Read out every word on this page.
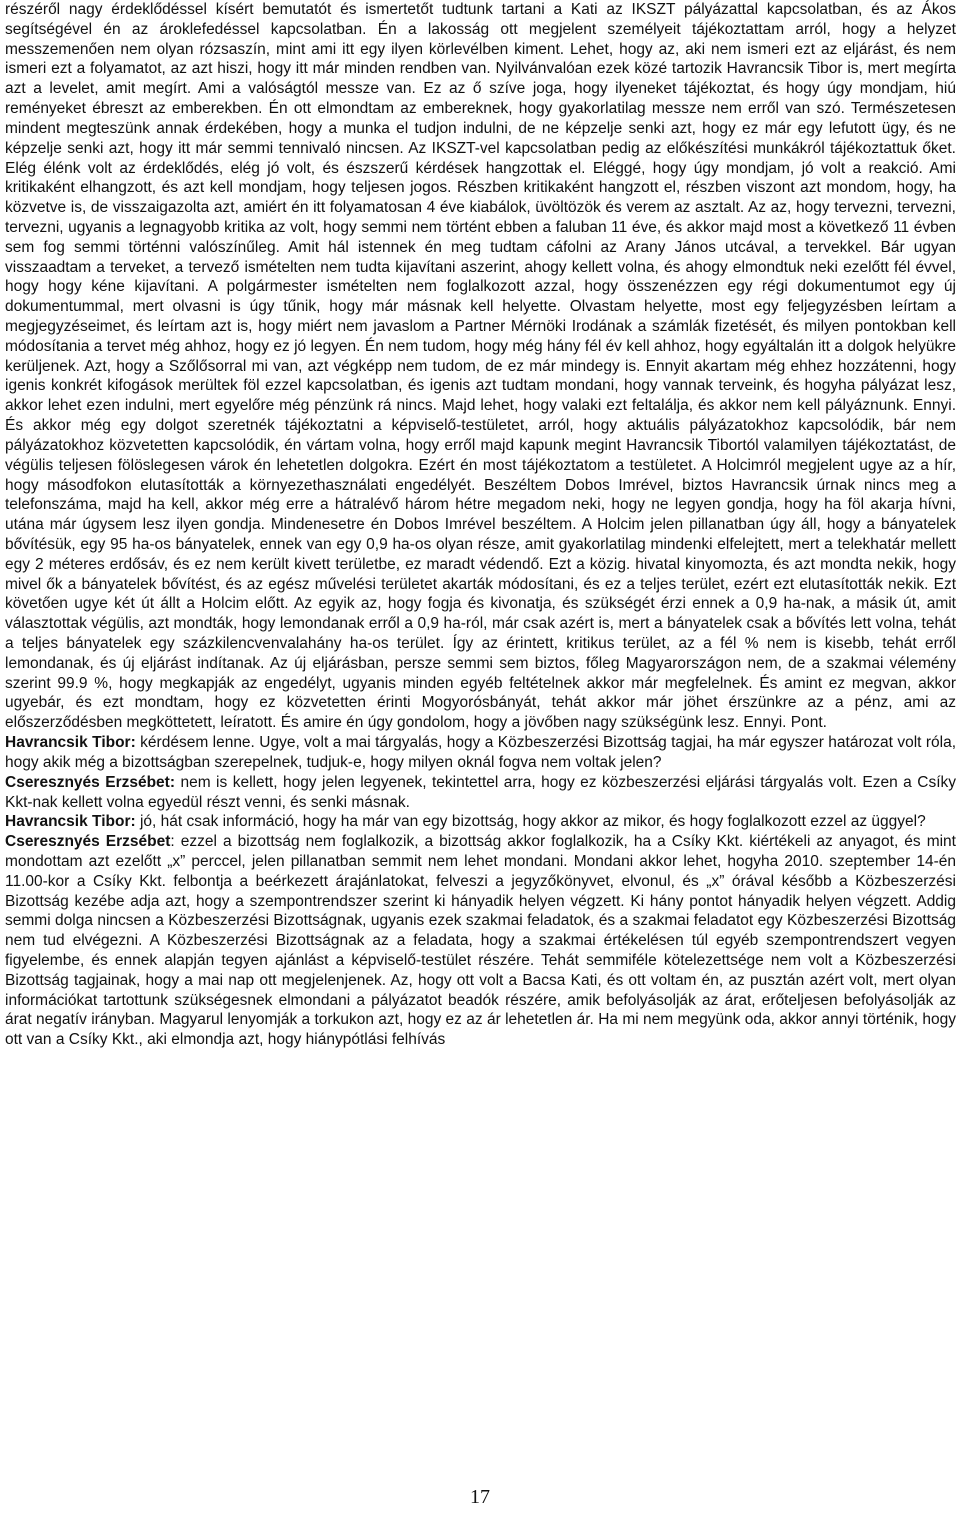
részéről nagy érdeklődéssel kísért bemutatót és ismertetőt tudtunk tartani a Kati az IKSZT pályázattal kapcsolatban, és az Ákos segítségével én az ároklefedéssel kapcsolatban. Én a lakosság ott megjelent személyeit tájékoztattam arról, hogy a helyzet messzemenően nem olyan rózsaszín, mint ami itt egy ilyen körlevélben kiment. Lehet, hogy az, aki nem ismeri ezt az eljárást, és nem ismeri ezt a folyamatot, az azt hiszi, hogy itt már minden rendben van. Nyilvánvalóan ezek közé tartozik Havrancsik Tibor is, mert megírta azt a levelet, amit megírt. Ami a valóságtól messze van. Ez az ő szíve joga, hogy ilyeneket tájékoztat, és hogy úgy mondjam, hiú reményeket ébreszt az emberekben. Én ott elmondtam az embereknek, hogy gyakorlatilag messze nem erről van szó. Természetesen mindent megteszünk annak érdekében, hogy a munka el tudjon indulni, de ne képzelje senki azt, hogy ez már egy lefutott ügy, és ne képzelje senki azt, hogy itt már semmi tennivaló nincsen. Az IKSZT-vel kapcsolatban pedig az előkészítési munkákról tájékoztattuk őket. Elég élénk volt az érdeklődés, elég jó volt, és észszerű kérdések hangzottak el. Eléggé, hogy úgy mondjam, jó volt a reakció. Ami kritikaként elhangzott, és azt kell mondjam, hogy teljesen jogos. Részben kritikaként hangzott el, részben viszont azt mondom, hogy, ha közvetve is, de visszaigazolta azt, amiért én itt folyamatosan 4 éve kiabálok, üvöltözök és verem az asztalt. Az az, hogy tervezni, tervezni, tervezni, ugyanis a legnagyobb kritika az volt, hogy semmi nem történt ebben a faluban 11 éve, és akkor majd most a következő 11 évben sem fog semmi történni valószínűleg. Amit hál istennek én meg tudtam cáfolni az Arany János utcával, a tervekkel. Bár ugyan visszaadtam a terveket, a tervező ismételten nem tudta kijavítani aszerint, ahogy kellett volna, és ahogy elmondtuk neki ezelőtt fél évvel, hogy hogy kéne kijavítani. A polgármester ismételten nem foglalkozott azzal, hogy összenézzen egy régi dokumentumot egy új dokumentummal, mert olvasni is úgy tűnik, hogy már másnak kell helyette. Olvastam helyette, most egy feljegyzésben leírtam a megjegyzéseimet, és leírtam azt is, hogy miért nem javaslom a Partner Mérnöki Irodának a számlák fizetését, és milyen pontokban kell módosítania a tervet még ahhoz, hogy ez jó legyen. Én nem tudom, hogy még hány fél év kell ahhoz, hogy egyáltalán itt a dolgok helyükre kerüljenek. Azt, hogy a Szőlősorral mi van, azt végképp nem tudom, de ez már mindegy is. Ennyit akartam még ehhez hozzátenni, hogy igenis konkrét kifogások merültek föl ezzel kapcsolatban, és igenis azt tudtam mondani, hogy vannak terveink, és hogyha pályázat lesz, akkor lehet ezen indulni, mert egyelőre még pénzünk rá nincs. Majd lehet, hogy valaki ezt feltalálja, és akkor nem kell pályáznunk. Ennyi. És akkor még egy dolgot szeretnék tájékoztatni a képviselő-testületet, arról, hogy aktuális pályázatokhoz kapcsolódik, bár nem pályázatokhoz közvetetten kapcsolódik, én vártam volna, hogy erről majd kapunk megint Havrancsik Tibortól valamilyen tájékoztatást, de végülis teljesen fölöslegesen várok én lehetetlen dolgokra. Ezért én most tájékoztatom a testületet. A Holcimról megjelent ugye az a hír, hogy másodfokon elutasították a környezethasználati engedélyét. Beszéltem Dobos Imrével, biztos Havrancsik úrnak nincs meg a telefonszáma, majd ha kell, akkor még erre a hátralévő három hétre megadom neki, hogy ne legyen gondja, hogy ha föl akarja hívni, utána már úgysem lesz ilyen gondja. Mindenesetre én Dobos Imrével beszéltem. A Holcim jelen pillanatban úgy áll, hogy a bányatelek bővítésük, egy 95 ha-os bányatelek, ennek van egy 0,9 ha-os olyan része, amit gyakorlatilag mindenki elfelejtett, mert a telekhatár mellett egy 2 méteres erdősáv, és ez nem került kivett területbe, ez maradt védendő. Ezt a közig. hivatal kinyomozta, és azt mondta nekik, hogy mivel ők a bányatelek bővítést, és az egész művelési területet akarták módosítani, és ez a teljes terület, ezért ezt elutasították nekik. Ezt követően ugye két út állt a Holcim előtt. Az egyik az, hogy fogja és kivonatja, és szükségét érzi ennek a 0,9 ha-nak, a másik út, amit választottak végülis, azt mondták, hogy lemondanak erről a 0,9 ha-ról, már csak azért is, mert a bányatelek csak a bővítés lett volna, tehát a teljes bányatelek egy százkilencvenvalahány ha-os terület. Így az érintett, kritikus terület, az a fél % nem is kisebb, tehát erről lemondanak, és új eljárást indítanak. Az új eljárásban, persze semmi sem biztos, főleg Magyarországon nem, de a szakmai vélemény szerint 99.9 %, hogy megkapják az engedélyt, ugyanis minden egyéb feltételnek akkor már megfelelnek. És amint ez megvan, akkor ugyebár, és ezt mondtam, hogy ez közvetetten érinti Mogyorósbányát, tehát akkor már jöhet érszünkre az a pénz, ami az előszerződésben megköttetett, leíratott. És amire én úgy gondolom, hogy a jövőben nagy szükségünk lesz. Ennyi. Pont.

Havrancsik Tibor: kérdésem lenne. Ugye, volt a mai tárgyalás, hogy a Közbeszerzési Bizottság tagjai, ha már egyszer határozat volt róla, hogy akik még a bizottságban szerepelnek, tudjuk-e, hogy milyen oknál fogva nem voltak jelen?

Cseresznyés Erzsébet: nem is kellett, hogy jelen legyenek, tekintettel arra, hogy ez közbeszerzési eljárási tárgyalás volt. Ezen a Csíky Kkt-nak kellett volna egyedül részt venni, és senki másnak.

Havrancsik Tibor: jó, hát csak információ, hogy ha már van egy bizottság, hogy akkor az mikor, és hogy foglalkozott ezzel az üggyel?

Cseresznyés Erzsébet: ezzel a bizottság nem foglalkozik, a bizottság akkor foglalkozik, ha a Csíky Kkt. kiértékeli az anyagot, és mint mondottam azt ezelőtt „x” perccel, jelen pillanatban semmit nem lehet mondani. Mondani akkor lehet, hogyha 2010. szeptember 14-én 11.00-kor a Csíky Kkt. felbontja a beérkezett árajánlatokat, felveszi a jegyzőkönyvet, elvonul, és „x” órával később a Közbeszerzési Bizottság kezébe adja azt, hogy a szempontrendszer szerint ki hányadik helyen végzett. Ki hány pontot hányadik helyen végzett. Addig semmi dolga nincsen a Közbeszerzési Bizottságnak, ugyanis ezek szakmai feladatok, és a szakmai feladatot egy Közbeszerzési Bizottság nem tud elvégezni. A Közbeszerzési Bizottságnak az a feladata, hogy a szakmai értékelésen túl egyéb szempontrendszert vegyen figyelembe, és ennek alapján tegyen ajánlást a képviselő-testület részére. Tehát semmiféle kötelezettsége nem volt a Közbeszerzési Bizottság tagjainak, hogy a mai nap ott megjelenjenek. Az, hogy ott volt a Bacsa Kati, és ott voltam én, az pusztán azért volt, mert olyan információkat tartottunk szükségesnek elmondani a pályázatot beadók részére, amik befolyásolják az árat, erőteljesen befolyásolják az árat negatív irányban. Magyarul lenyomják a torkukon azt, hogy ez az ár lehetetlen ár. Ha mi nem megyünk oda, akkor annyi történik, hogy ott van a Csíky Kkt., aki elmondja azt, hogy hiánypótlási felhívás

17
